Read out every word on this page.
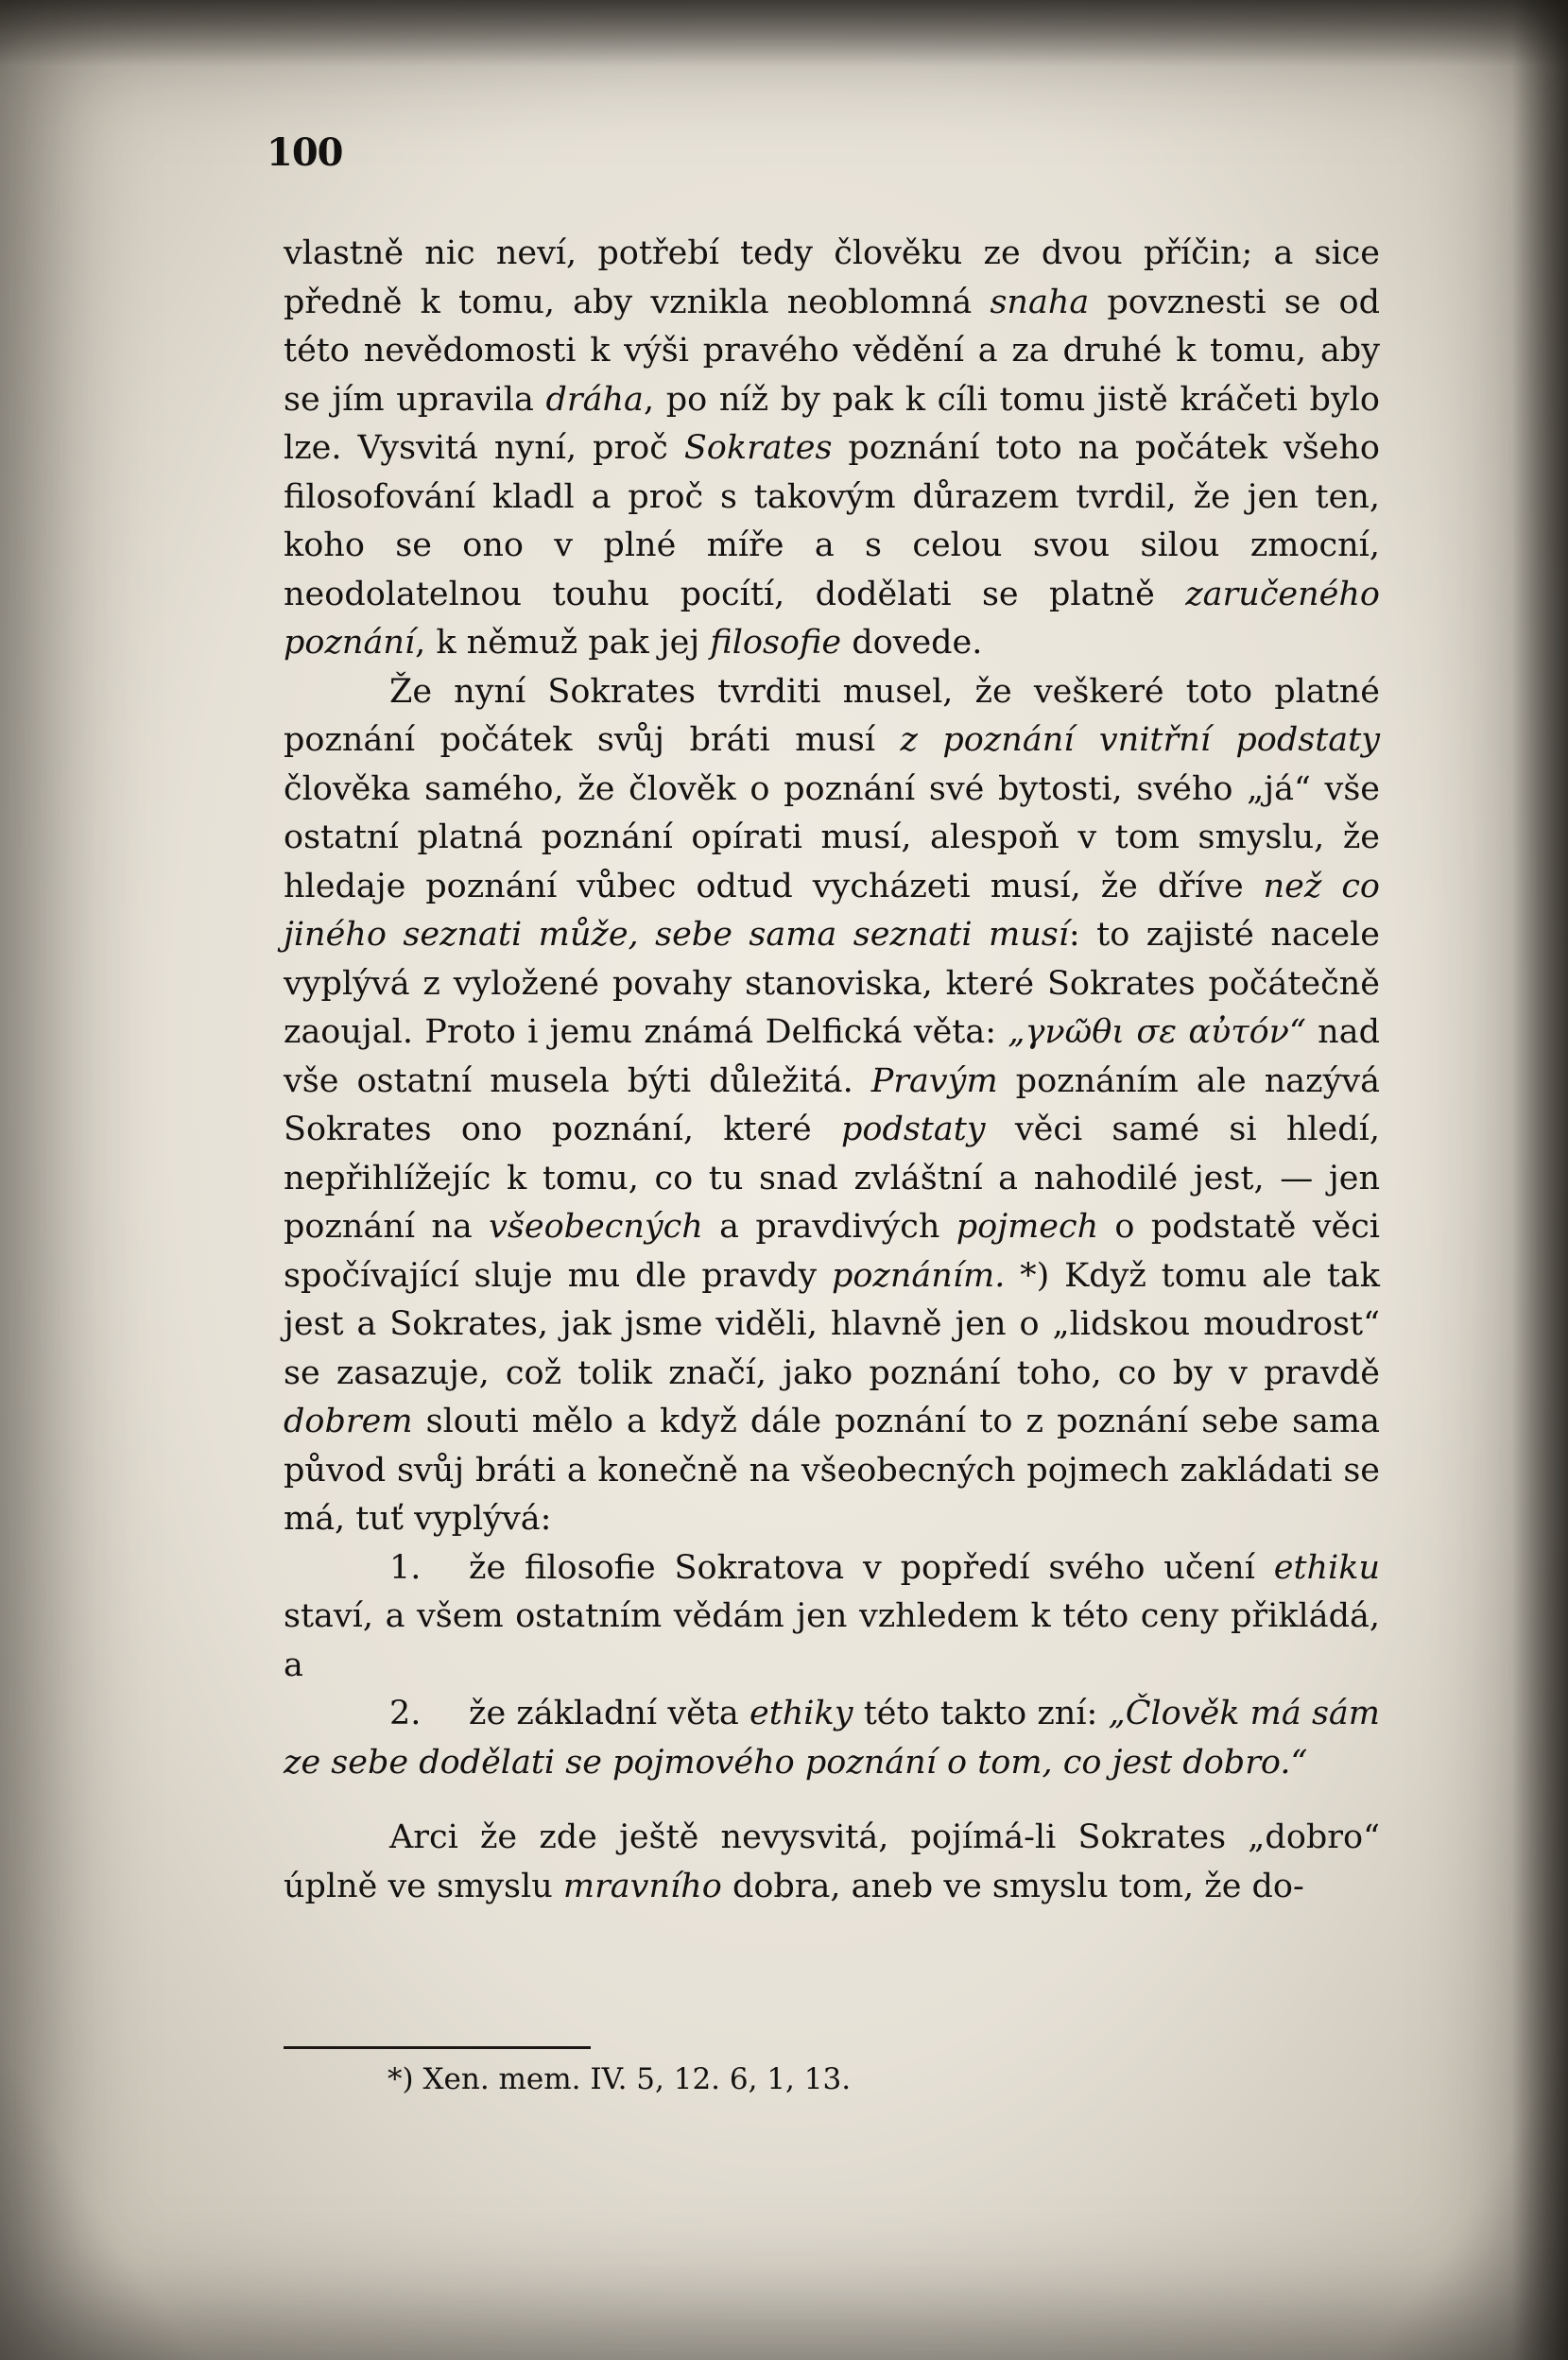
100

vlastně nic neví, potřebí tedy člověku ze dvou příčin; a sice předně k tomu, aby vznikla neoblomná snaha povznesti se od této nevědomosti k výši pravého vědění a za druhé k tomu, aby se jím upravila dráha, po níž by pak k cíli tomu jistě kráčeti bylo lze. Vysvitá nyní, proč Sokrates poznání toto na počátek všeho filosofování kladl a proč s takovým důrazem tvrdil, že jen ten, koho se ono v plné míře a s celou svou silou zmocní, neodolatelnou touhu pocítí, dodělati se platně zaručeného poznání, k němuž pak jej filosofie dovede.

Že nyní Sokrates tvrditi musel, že veškeré toto platné poznání počátek svůj bráti musí z poznání vnitřní podstaty člověka samého, že člověk o poznání své bytosti, svého „já“ vše ostatní platná poznání opírati musí, alespoň v tom smyslu, že hledaje poznání vůbec odtud vycházeti musí, že dříve než co jiného seznati může, sebe sama seznati musí: to zajisté nacele vyplývá z vyložené povahy stanoviska, které Sokrates počátečně zaoujal. Proto i jemu známá Delfická věta: „γνῶθι σε αὐτόν“ nad vše ostatní musela býti důležitá. Pravým poznáním ale nazývá Sokrates ono poznání, které podstaty věci samé si hledí, nepřihlížejíc k tomu, co tu snad zvláštní a nahodilé jest, — jen poznání na všeobecných a pravdivých pojmech o podstatě věci spočívající sluje mu dle pravdy poznáním. *) Když tomu ale tak jest a Sokrates, jak jsme viděli, hlavně jen o „lidskou moudrost“ se zasazuje, což tolik značí, jako poznání toho, co by v pravdě dobrem slouti mělo a když dále poznání to z poznání sebe sama původ svůj bráti a konečně na všeobecných pojmech zakládati se má, tuť vyplývá:

1. že filosofie Sokratova v popředí svého učení ethiku staví, a všem ostatním vědám jen vzhledem k této ceny přikládá, a

2. že základní věta ethiky této takto zní: „Člověk má sám ze sebe dodělati se pojmového poznání o tom, co jest dobro.“

Arci že zde ještě nevysvitá, pojímá-li Sokrates „dobro“ úplně ve smyslu mravního dobra, aneb ve smyslu tom, že do-

*) Xen. mem. IV. 5, 12. 6, 1, 13.
